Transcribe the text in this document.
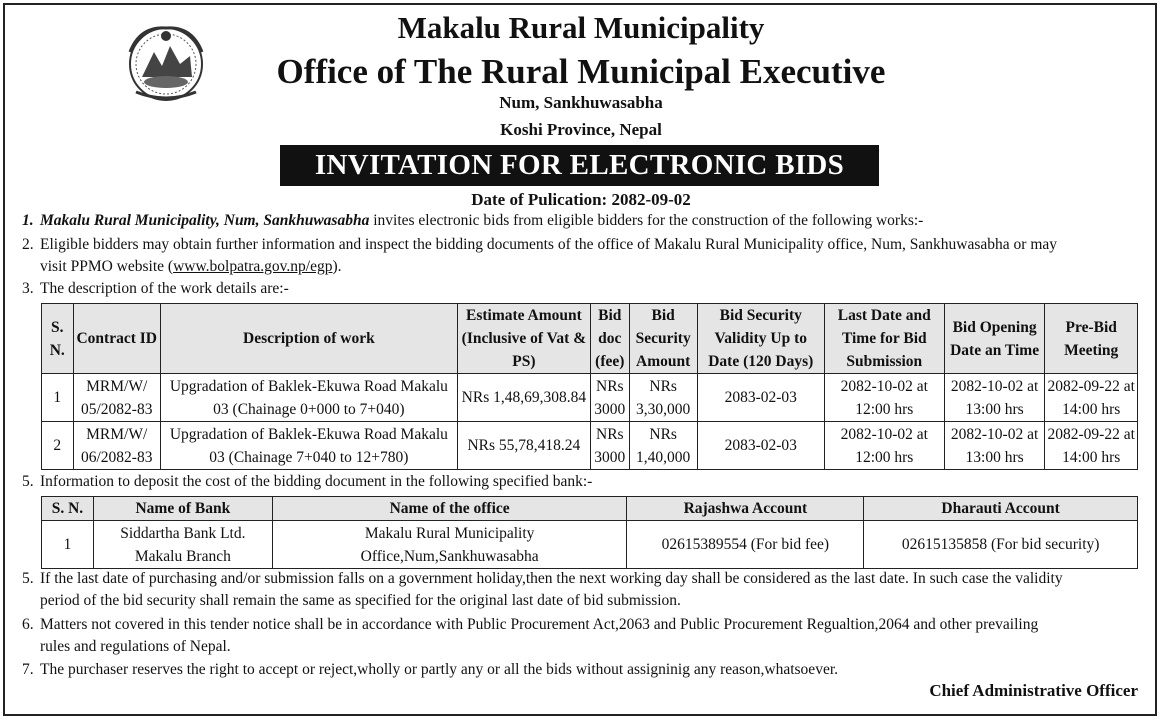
Makalu Rural Municipality
Office of The Rural Municipal Executive
Num, Sankhuwasabha
Koshi Province, Nepal
INVITATION FOR ELECTRONIC BIDS
Date of Pulication: 2082-09-02
1. Makalu Rural Municipality, Num, Sankhuwasabha invites electronic bids from eligible bidders for the construction of the following works:-
2. Eligible bidders may obtain further information and inspect the bidding documents of the office of Makalu Rural Municipality office, Num, Sankhuwasabha or may
visit PPMO website (www.bolpatra.gov.np/egp).
3. The description of the work details are:-
S. N.	Contract ID	Description of work	Estimate Amount (Inclusive of Vat & PS)	Bid doc (fee)	Bid Security Amount	Bid Security Validity Up to Date (120 Days)	Last Date and Time for Bid Submission	Bid Opening Date an Time	Pre-Bid Meeting
1	MRM/W/ 05/2082-83	Upgradation of Baklek-Ekuwa Road Makalu 03 (Chainage 0+000 to 7+040)	NRs 1,48,69,308.84	NRs 3000	NRs 3,30,000	2083-02-03	2082-10-02 at 12:00 hrs	2082-10-02 at 13:00 hrs	2082-09-22 at 14:00 hrs
2	MRM/W/ 06/2082-83	Upgradation of Baklek-Ekuwa Road Makalu 03 (Chainage 7+040 to 12+780)	NRs 55,78,418.24	NRs 3000	NRs 1,40,000	2083-02-03	2082-10-02 at 12:00 hrs	2082-10-02 at 13:00 hrs	2082-09-22 at 14:00 hrs
5. Information to deposit the cost of the bidding document in the following specified bank:-
S. N.	Name of Bank	Name of the office	Rajashwa Account	Dharauti Account
1	Siddartha Bank Ltd. Makalu Branch	Makalu Rural Municipality Office,Num,Sankhuwasabha	02615389554 (For bid fee)	02615135858 (For bid security)
5. If the last date of purchasing and/or submission falls on a government holiday,then the next working day shall be considered as the last date. In such case the validity
period of the bid security shall remain the same as specified for the original last date of bid submission.
6. Matters not covered in this tender notice shall be in accordance with Public Procurement Act,2063 and Public Procurement Regualtion,2064 and other prevailing
rules and regulations of Nepal.
7. The purchaser reserves the right to accept or reject,wholly or partly any or all the bids without assigninig any reason,whatsoever.
Chief Administrative Officer
